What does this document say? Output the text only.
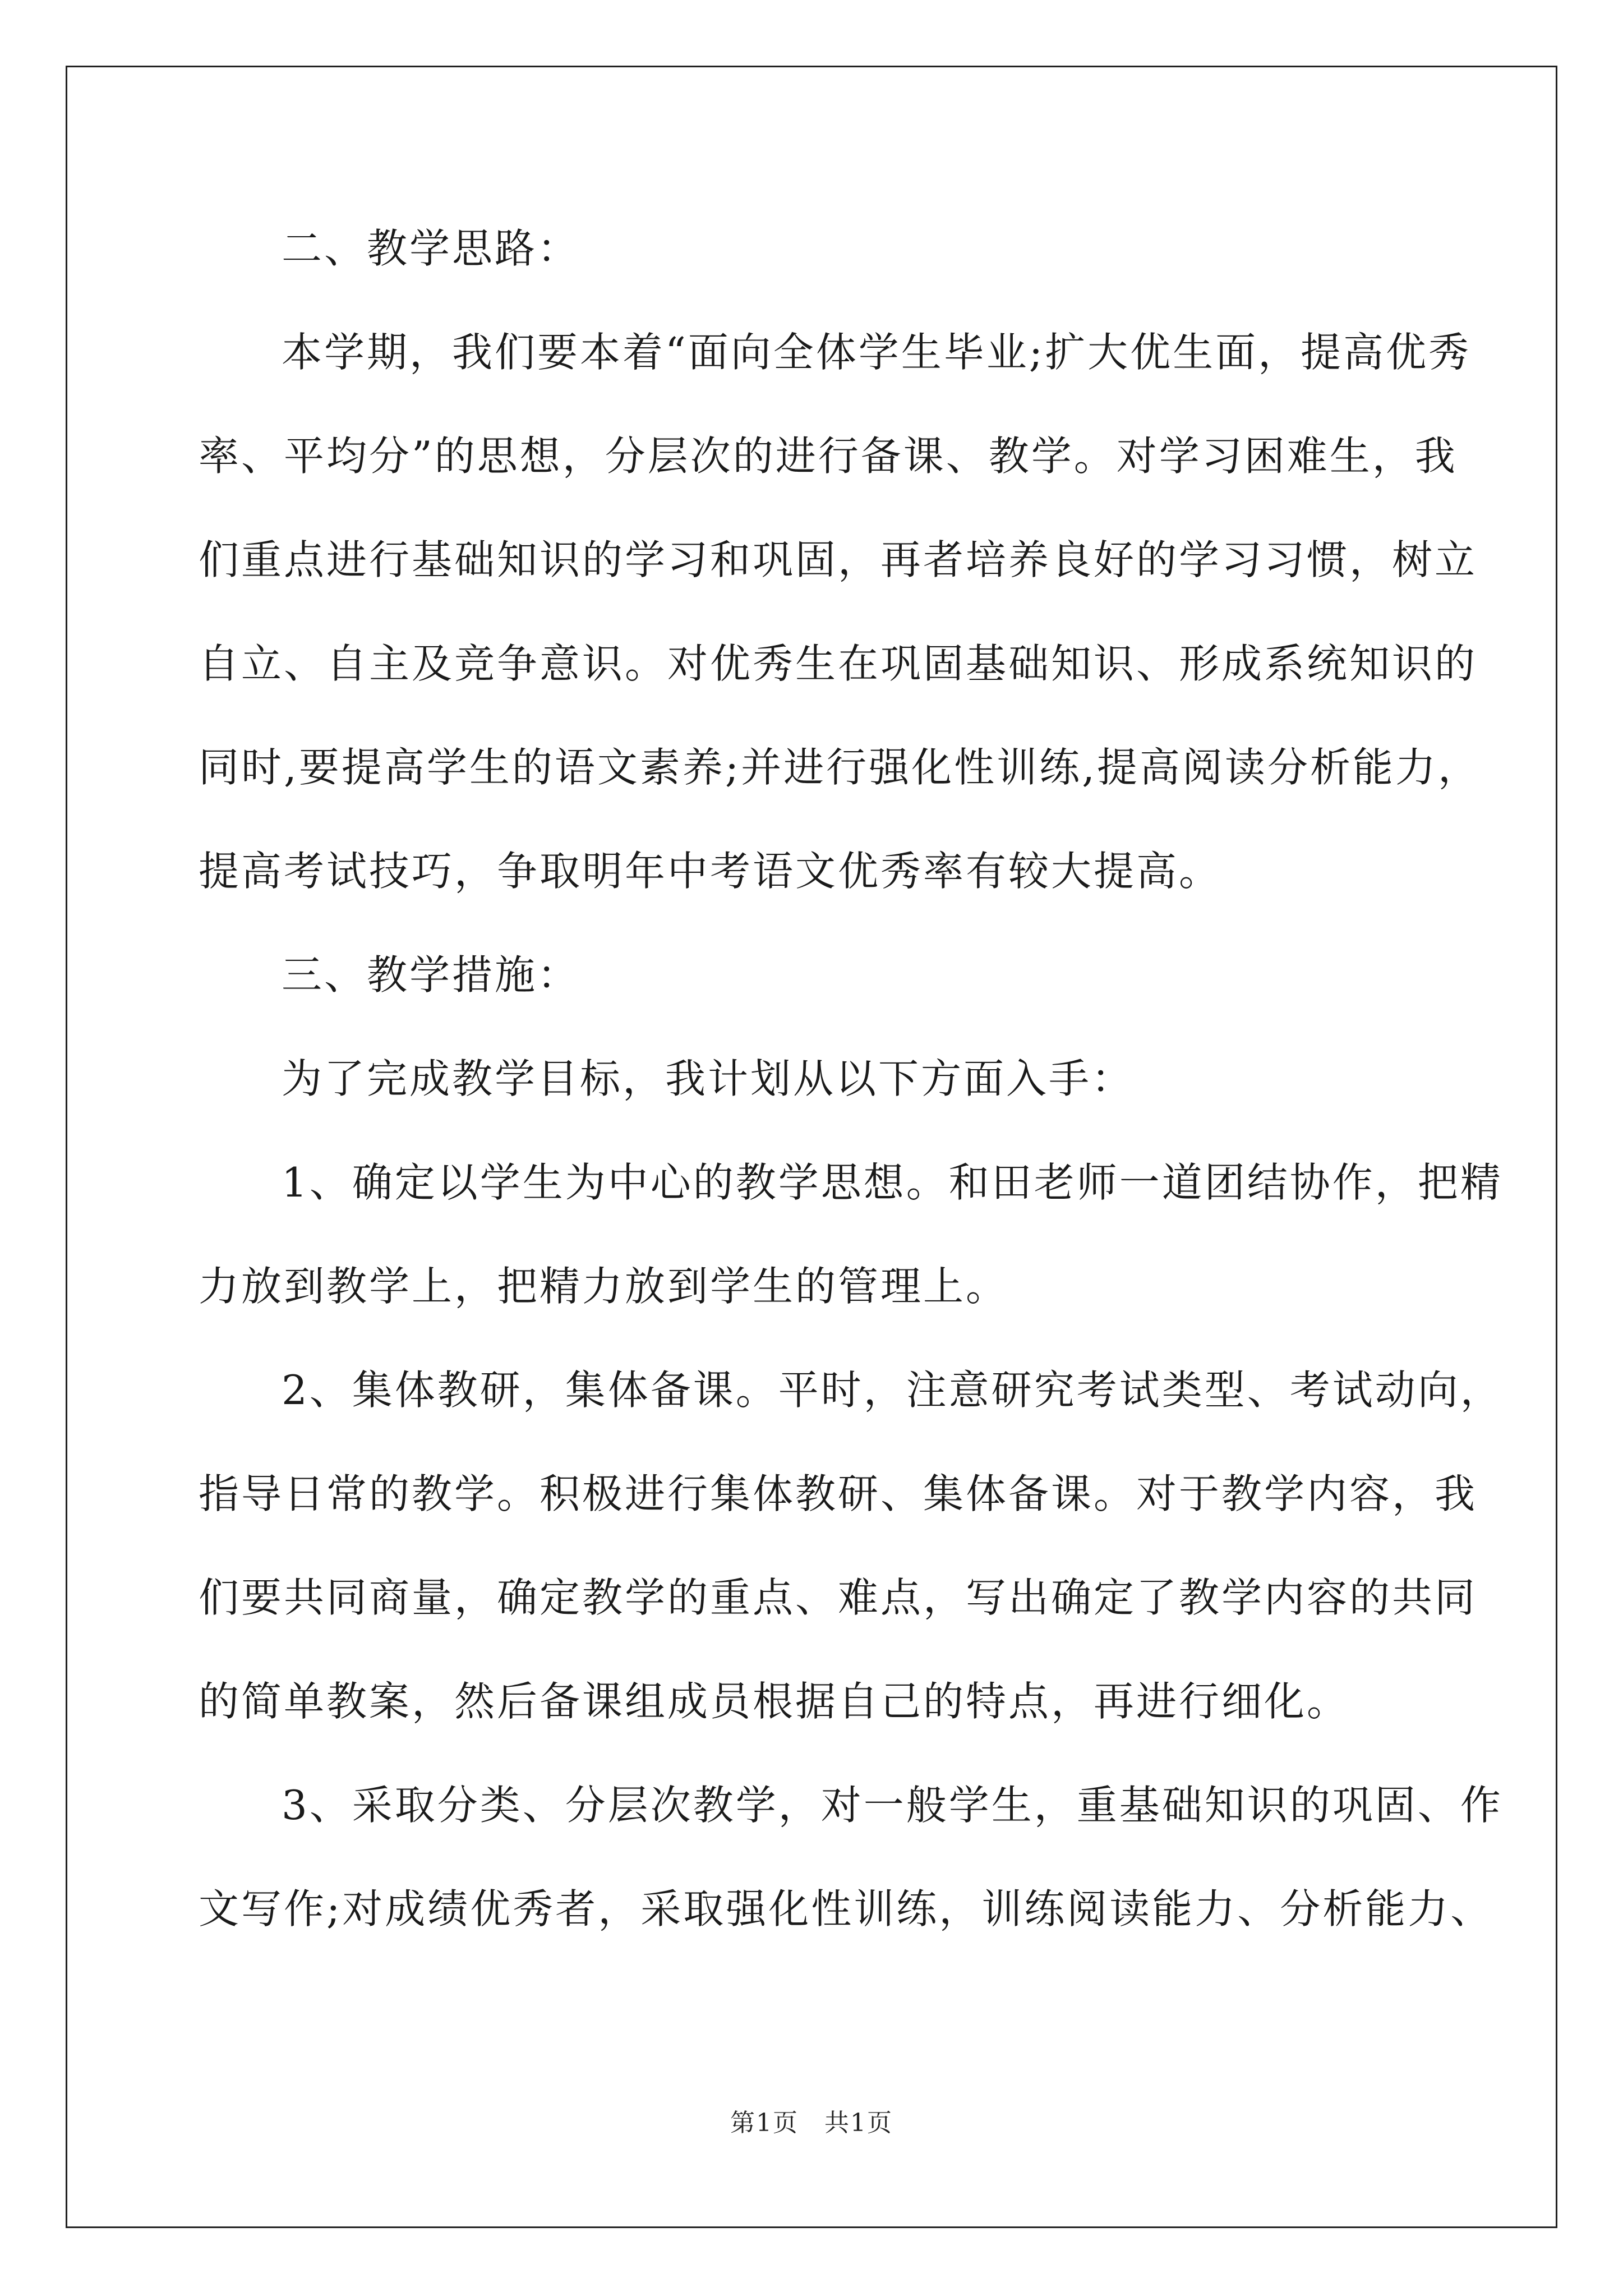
二、教学思路：
本学期，我们要本着“面向全体学生毕业;扩大优生面，提高优秀
率、平均分”的思想，分层次的进行备课、教学。对学习困难生，我
们重点进行基础知识的学习和巩固，再者培养良好的学习习惯，树立
自立、自主及竞争意识。对优秀生在巩固基础知识、形成系统知识的
同时,要提高学生的语文素养;并进行强化性训练,提高阅读分析能力，
提高考试技巧，争取明年中考语文优秀率有较大提高。
三、教学措施：
为了完成教学目标，我计划从以下方面入手：
1、确定以学生为中心的教学思想。和田老师一道团结协作，把精
力放到教学上，把精力放到学生的管理上。
2、集体教研，集体备课。平时，注意研究考试类型、考试动向，
指导日常的教学。积极进行集体教研、集体备课。对于教学内容，我
们要共同商量，确定教学的重点、难点，写出确定了教学内容的共同
的简单教案，然后备课组成员根据自己的特点，再进行细化。
3、采取分类、分层次教学，对一般学生，重基础知识的巩固、作
文写作;对成绩优秀者，采取强化性训练，训练阅读能力、分析能力、
第1页　共1页
